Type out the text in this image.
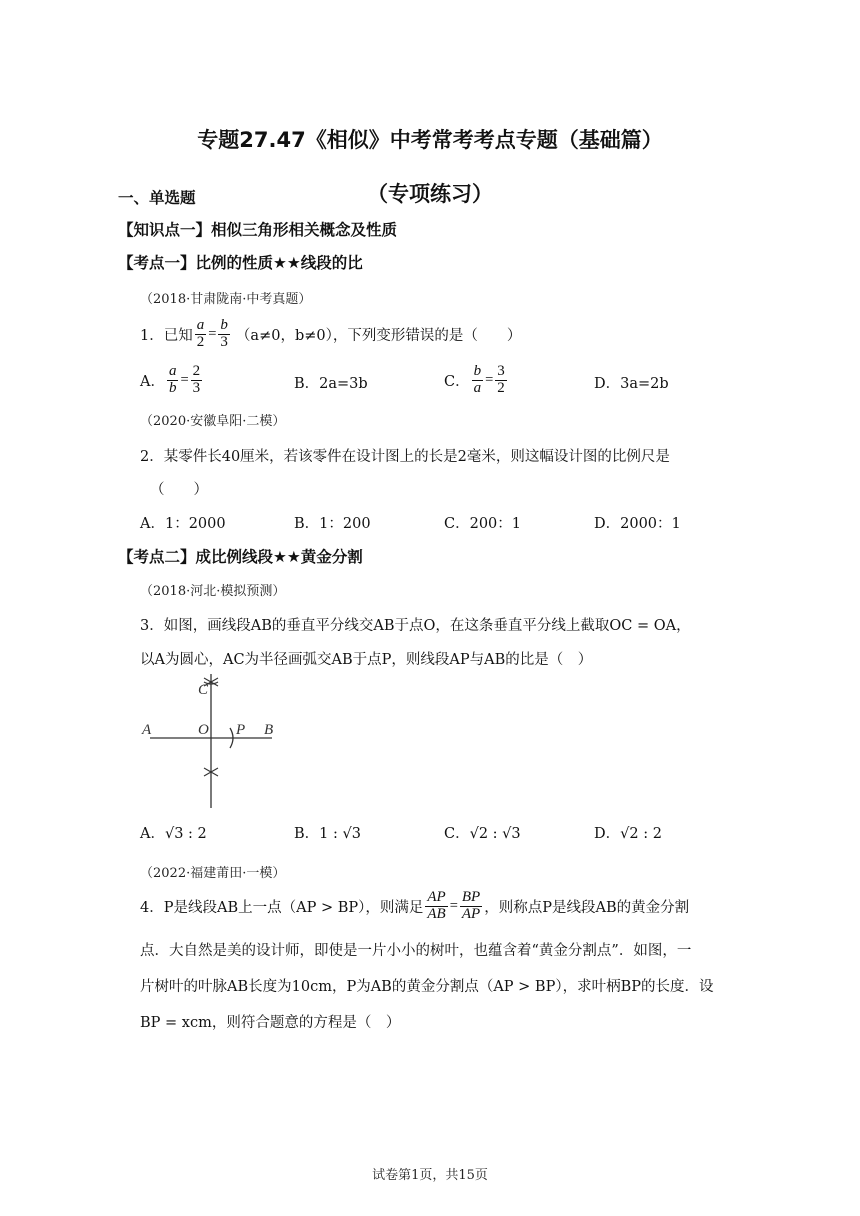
专题27.47《相似》中考常考考点专题（基础篇）
（专项练习）
一、单选题
【知识点一】相似三角形相关概念及性质
【考点一】比例的性质★★线段的比
（2018·甘肃陇南·中考真题）
1．已知 $\frac{a}{2} = \frac{b}{3} (a\ne 0$，b≠0），下列变形错误的是（　　）
A． $\frac{a}{b} = \frac{2}{3}$	B．2a=3b	C． $\frac{b}{a} = \frac{3}{2}$	D．3a=2b
（2020·安徽阜阳·二模）
2．某零件长40厘米，若该零件在设计图上的长是2毫米，则这幅设计图的比例尺是
（　　）
A．1：2000	B．1：200	C．200：1	D．2000：1
【考点二】成比例线段★★黄金分割
（2018·河北·模拟预测）
3．如图，画线段AB的垂直平分线交AB于点O，在这条垂直平分线上截取OC = OA，
以A为圆心，AC为半径画弧交AB于点P，则线段AP与AB的比是（　）
C
A	O P B
A．√3 : 2	B．1 : √3	C．√2 : √3	D．√2 : 2
（2022·福建莆田·一模）
4．P是线段AB上一点（AP > BP），则满足 $\frac{AP}{AB} = \frac{BP}{AP}$ ，则称点P是线段AB的黄金分割
点．大自然是美的设计师，即使是一片小小的树叶，也蕴含着“黄金分割点”．如图，一
片树叶的叶脉AB长度为10cm，P为AB的黄金分割点（AP > BP），求叶柄BP的长度．设
BP = xcm，则符合题意的方程是（　）
试卷第1页，共15页
